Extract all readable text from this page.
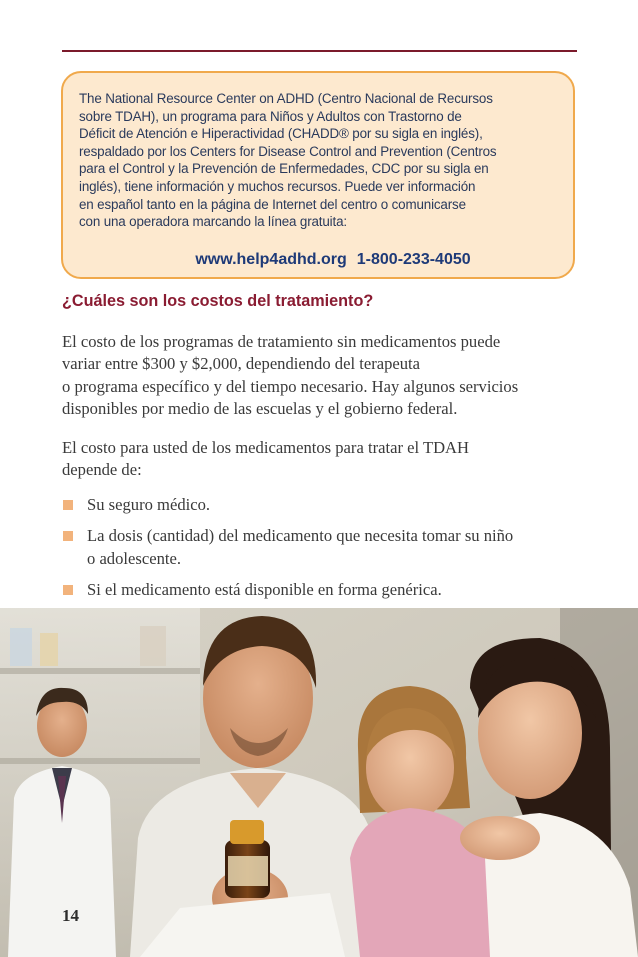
The National Resource Center on ADHD (Centro Nacional de Recursos
sobre TDAH), un programa para Niños y Adultos con Trastorno de
Déficit de Atención e Hiperactividad (CHADD® por su sigla en inglés),
respaldado por los Centers for Disease Control and Prevention (Centros
para el Control y la Prevención de Enfermedades, CDC por su sigla en
inglés), tiene información y muchos recursos. Puede ver información
en español tanto en la página de Internet del centro o comunicarse
con una operadora marcando la línea gratuita:

www.help4adhd.org 1-800-233-4050
¿Cuáles son los costos del tratamiento?

El costo de los programas de tratamiento sin medicamentos puede
variar entre $300 y $2,000, dependiendo del terapeuta
o programa específico y del tiempo necesario. Hay algunos servicios
disponibles por medio de las escuelas y el gobierno federal.

El costo para usted de los medicamentos para tratar el TDAH
depende de:

Su seguro médico.
La dosis (cantidad) del medicamento que necesita tomar su niño
o adolescente.
Si el medicamento está disponible en forma genérica.
14
